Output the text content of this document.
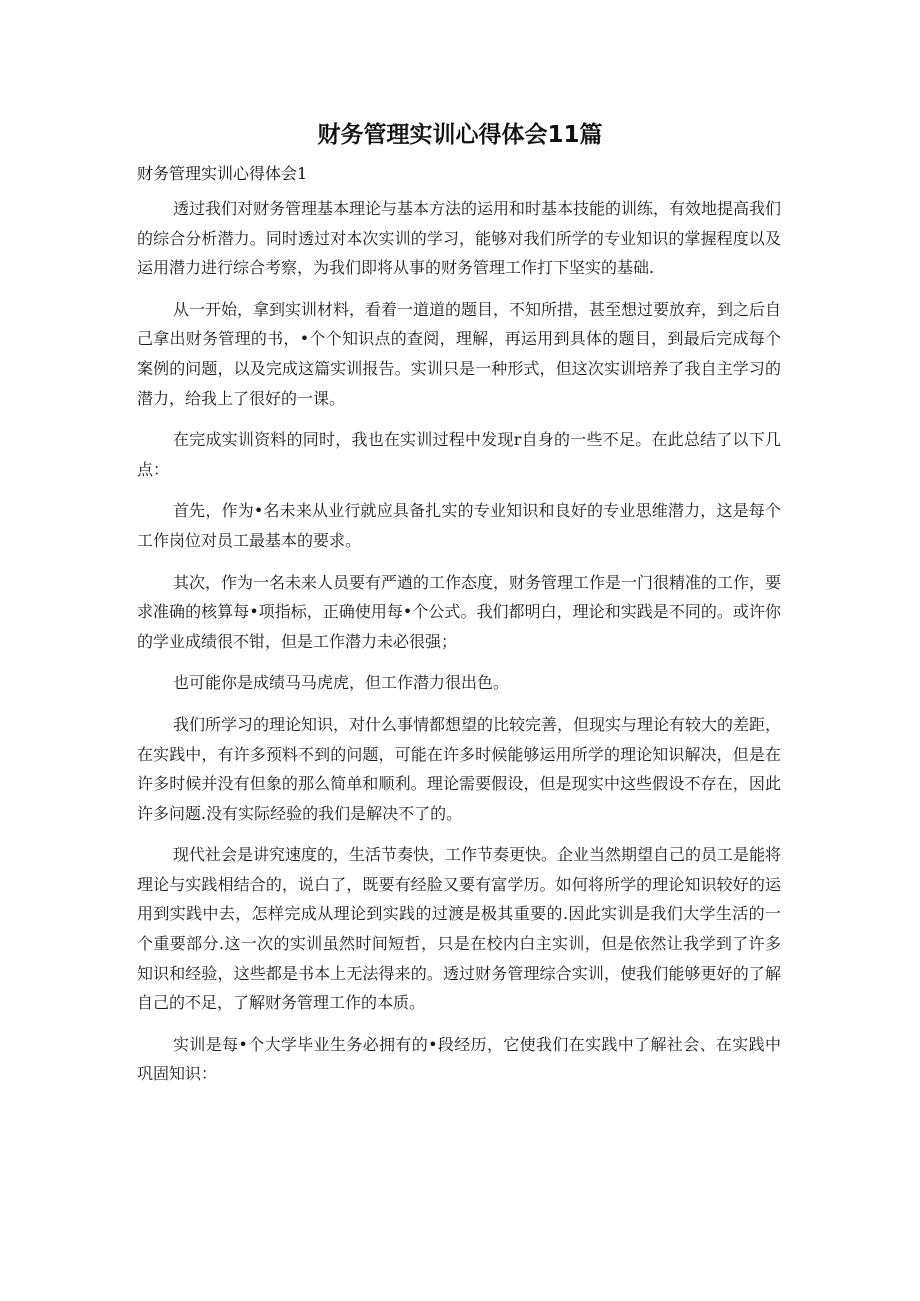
财务管理实训心得体会11篇

财务管理实训心得体会1

透过我们对财务管理基本理论与基本方法的运用和时基本技能的训练，有效地提高我们的综合分析潜力。同时透过对本次实训的学习，能够对我们所学的专业知识的掌握程度以及运用潜力进行综合考察，为我们即将从事的财务管理工作打下坚实的基础.

从一开始，拿到实训材料，看着一道道的题目，不知所措，甚至想过要放弃，到之后自己拿出财务管理的书，•个个知识点的查阅，理解，再运用到具体的题目，到最后完成每个案例的问题，以及完成这篇实训报告。实训只是一种形式，但这次实训培养了我自主学习的潜力，给我上了很好的一课。

在完成实训资料的同时，我也在实训过程中发现r自身的一些不足。在此总结了以下几点：

首先，作为•名未来从业行就应具备扎实的专业知识和良好的专业思维潜力，这是每个工作岗位对员工最基本的要求。

其次，作为一名未来人员要有严遒的工作态度，财务管理工作是一门很精准的工作，要求准确的核算每•项指标，正确使用每•个公式。我们都明白，理论和实践是不同的。或许你的学业成绩很不钳，但是工作潜力未必很强；

也可能你是成绩马马虎虎，但工作潜力很出色。

我们所学习的理论知识，对什么事情都想望的比较完善，但现实与理论有较大的差距，在实践中，有许多预料不到的问题，可能在许多时候能够运用所学的理论知识解决，但是在许多时候并没有但象的那么简单和顺利。理论需要假设，但是现实中这些假设不存在，因此许多问题.没有实际经验的我们是解决不了的。

现代社会是讲究速度的，生活节奏快，工作节奏更快。企业当然期望自己的员工是能将理论与实践相结合的，说白了，既要有经脸又要有富学历。如何将所学的理论知识较好的运用到实践中去，怎样完成从理论到实践的过渡是极其重要的.因此实训是我们大学生活的一个重要部分.这一次的实训虽然时间短哲，只是在校内白主实训，但是依然让我学到了许多知识和经验，这些都是书本上无法得来的。透过财务管理综合实训，使我们能够更好的了解自己的不足，了解财务管理工作的本质。

实训是每•个大学毕业生务必拥有的•段经历，它使我们在实践中了解社会、在实践中巩固知识：
